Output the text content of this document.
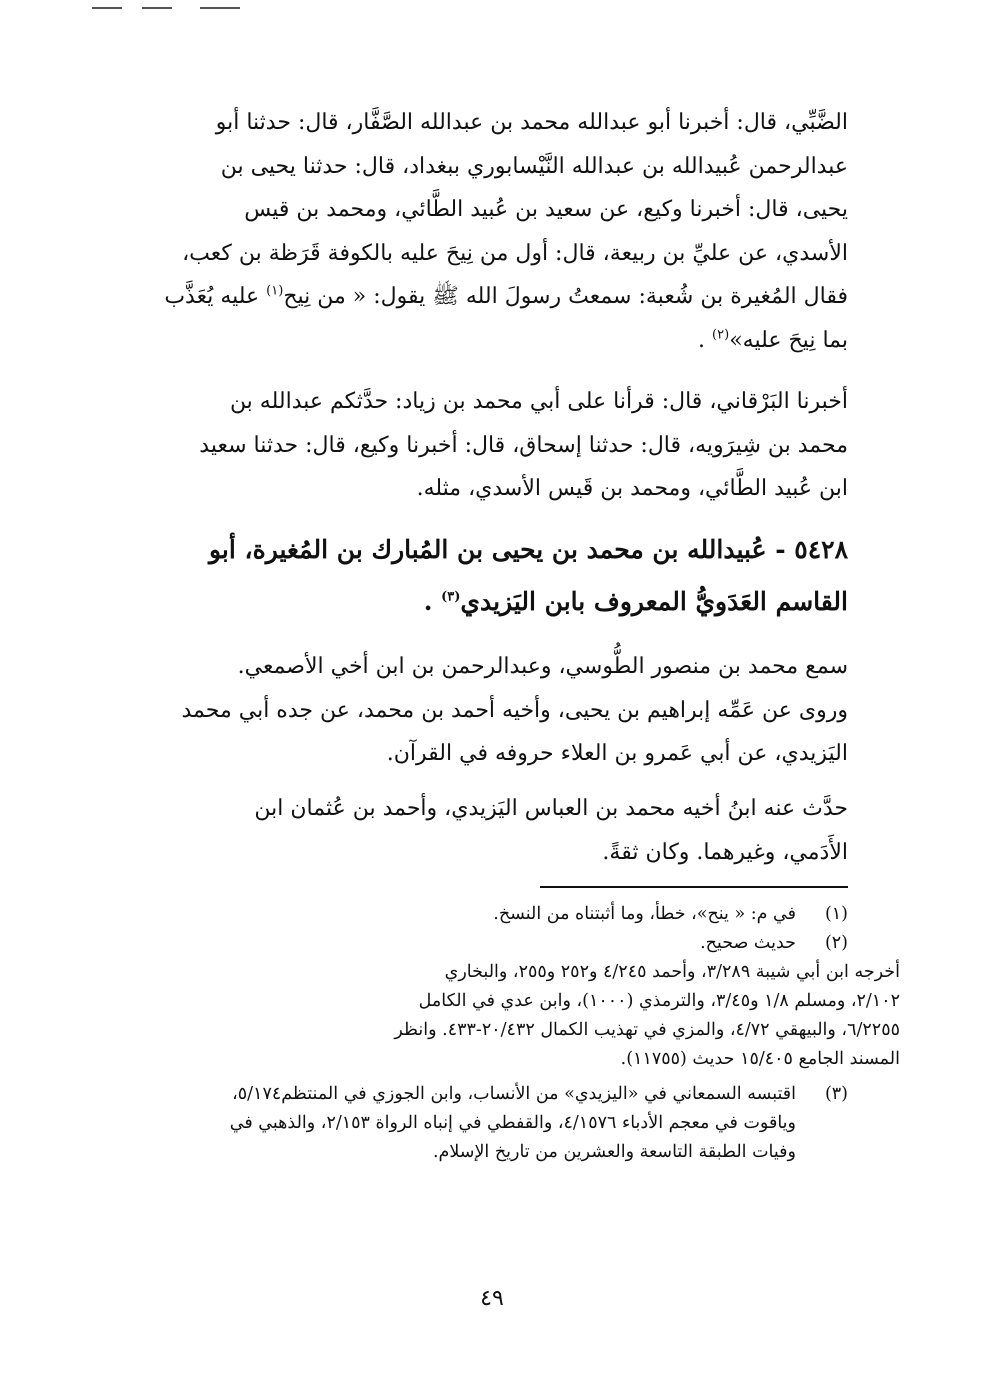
الضَّبِّي، قال: أخبرنا أبو عبدالله محمد بن عبدالله الصَّفَّار، قال: حدثنا أبو

عبدالرحمن عُبيدالله بن عبدالله النَّيْسابوري ببغداد، قال: حدثنا يحيى بن

يحيى، قال: أخبرنا وكيع، عن سعيد بن عُبيد الطَّائي، ومحمد بن قيس

الأسدي، عن عليِّ بن ربيعة، قال: أول من نِيحَ عليه بالكوفة قَرَظة بن كعب،

فقال المُغيرة بن شُعبة: سمعتُ رسولَ الله ﷺ يقول: « من نِيح$^{(١)}$ عليه يُعَذَّب

بما نِيحَ عليه»$^{(٢)}$ .

أخبرنا البَرْقاني، قال: قرأنا على أبي محمد بن زياد: حدَّثكم عبدالله بن

محمد بن شِيرَويه، قال: حدثنا إسحاق، قال: أخبرنا وكيع، قال: حدثنا سعيد

ابن عُبيد الطَّائي، ومحمد بن قَيس الأسدي، مثله.

٥٤٢٨ - عُبيدالله بن محمد بن يحيى بن المُبارك بن المُغيرة، أبو

القاسم العَدَويُّ المعروف بابن اليَزيدي$^{(٣)}$ .

سمع محمد بن منصور الطُّوسي، وعبدالرحمن بن ابن أخي الأصمعي.

وروى عن عَمِّه إبراهيم بن يحيى، وأخيه أحمد بن محمد، عن جده أبي محمد

اليَزيدي، عن أبي عَمرو بن العلاء حروفه في القرآن.

حدَّث عنه ابنُ أخيه محمد بن العباس اليَزيدي، وأحمد بن عُثمان ابن

الأَدَمي، وغيرهما. وكان ثقةً.

(١)
في م: « ينح»، خطأ، وما أثبتناه من النسخ.
(٢)
حديث صحيح.
أخرجه ابن أبي شيبة ٣/٢٨٩، وأحمد ٤/٢٤٥ و٢٥٢ و٢٥٥، والبخاري
٢/١٠٢، ومسلم ١/٨ و٣/٤٥، والترمذي (١٠٠٠)، وابن عدي في الكامل
٦/٢٢٥٥، والبيهقي ٤/٧٢، والمزي في تهذيب الكمال ٢٠/٤٣٢-٤٣٣. وانظر
المسند الجامع ١٥/٤٠٥ حديث (١١٧٥٥).
(٣)
اقتبسه السمعاني في «اليزيدي» من الأنساب، وابن الجوزي في المنتظم٥/١٧٤،
وياقوت في معجم الأدباء ٤/١٥٧٦، والقفطي في إنباه الرواة ٢/١٥٣، والذهبي في
وفيات الطبقة التاسعة والعشرين من تاريخ الإسلام.
٤٩
